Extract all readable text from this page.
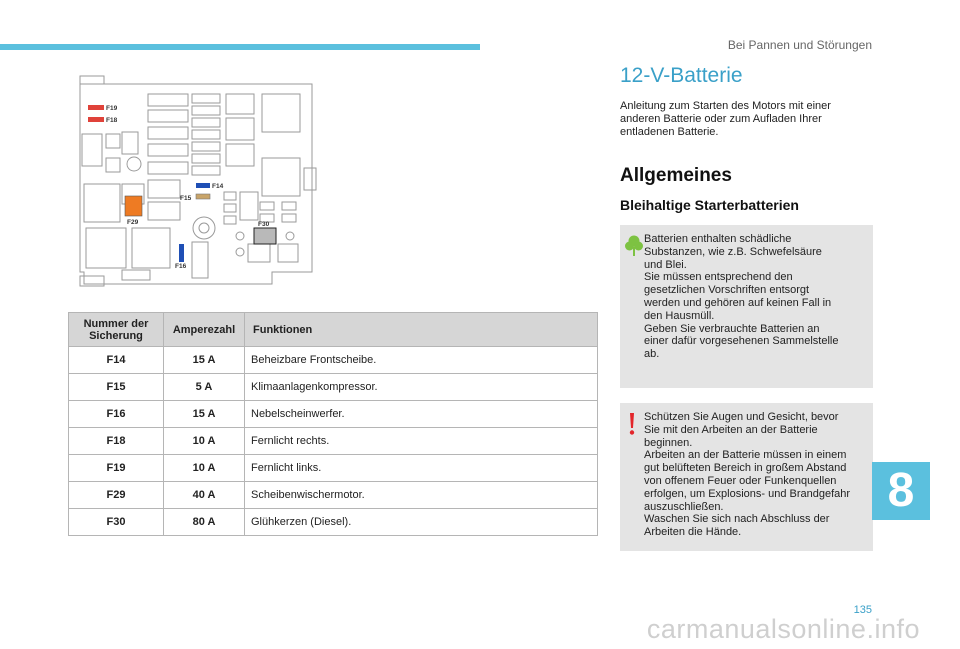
Bei Pannen und Störungen
F19
F18
F14
F15
F29	F30
F16
Nummer der Sicherung	Amperezahl	Funktionen
F14	15 A	Beheizbare Frontscheibe.
F15	5 A	Klimaanlagenkompressor.
F16	15 A	Nebelscheinwerfer.
F18	10 A	Fernlicht rechts.
F19	10 A	Fernlicht links.
F29	40 A	Scheibenwischermotor.
F30	80 A	Glühkerzen (Diesel).
12-V-Batterie

Anleitung zum Starten des Motors mit einer anderen Batterie oder zum Aufladen Ihrer entladenen Batterie.

Allgemeines
Bleihaltige Starterbatterien
Batterien enthalten schädliche
Substanzen, wie z.B. Schwefelsäure
und Blei.
Sie müssen entsprechend den
gesetzlichen Vorschriften entsorgt
werden und gehören auf keinen Fall in
den Hausmüll.
Geben Sie verbrauchte Batterien an
einer dafür vorgesehenen Sammelstelle
ab.
Schützen Sie Augen und Gesicht, bevor
Sie mit den Arbeiten an der Batterie
beginnen.
Arbeiten an der Batterie müssen in einem
gut belüfteten Bereich in großem Abstand
von offenem Feuer oder Funkenquellen
erfolgen, um Explosions- und Brandgefahr
auszuschließen.
Waschen Sie sich nach Abschluss der
Arbeiten die Hände.
8
135
carmanualsonline.info
